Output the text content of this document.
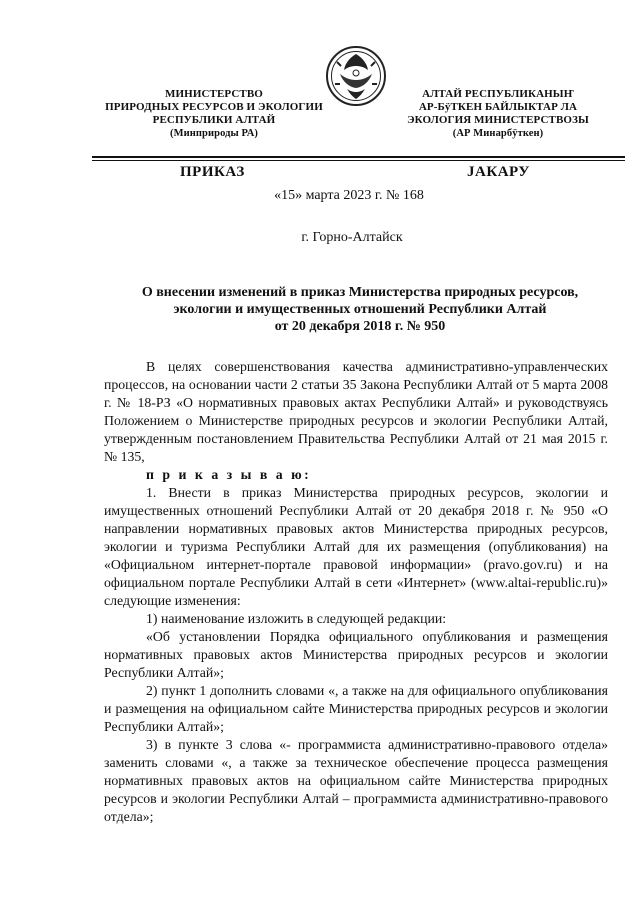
МИНИСТЕРСТВО
ПРИРОДНЫХ РЕСУРСОВ И ЭКОЛОГИИ
РЕСПУБЛИКИ АЛТАЙ
(Минприроды РА)
АЛТАЙ РЕСПУБЛИКАНЫҤ
АР-БÿТКЕН БАЙЛЫКТАР ЛА
ЭКОЛОГИЯ МИНИСТЕРСТВОЗЫ
(АР Минарбÿткен)
ПРИКАЗ	JАКАРУ
«15» марта 2023 г. № 168
г. Горно-Алтайск
О внесении изменений в приказ Министерства природных ресурсов,
экологии и имущественных отношений Республики Алтай
от 20 декабря 2018 г. № 950

В целях совершенствования качества административно-управленческих процессов, на основании части 2 статьи 35 Закона Республики Алтай от 5 марта 2008 г. № 18-РЗ «О нормативных правовых актах Республики Алтай» и руководствуясь Положением о Министерстве природных ресурсов и экологии Республики Алтай, утвержденным постановлением Правительства Республики Алтай от 21 мая 2015 г. № 135,

п р и к а з ы в а ю:

1. Внести в приказ Министерства природных ресурсов, экологии и имущественных отношений Республики Алтай от 20 декабря 2018 г. № 950 «О направлении нормативных правовых актов Министерства природных ресурсов, экологии и туризма Республики Алтай для их размещения (опубликования) на «Официальном интернет-портале правовой информации» (pravo.gov.ru) и на официальном портале Республики Алтай в сети «Интернет» (www.altai-republic.ru)» следующие изменения:

1) наименование изложить в следующей редакции:

«Об установлении Порядка официального опубликования и размещения нормативных правовых актов Министерства природных ресурсов и экологии Республики Алтай»;

2) пункт 1 дополнить словами «, а также на для официального опубликования и размещения на официальном сайте Министерства природных ресурсов и экологии Республики Алтай»;

3) в пункте 3 слова «- программиста административно-правового отдела» заменить словами «, а также за техническое обеспечение процесса размещения нормативных правовых актов на официальном сайте Министерства природных ресурсов и экологии Республики Алтай – программиста административно-правового отдела»;
